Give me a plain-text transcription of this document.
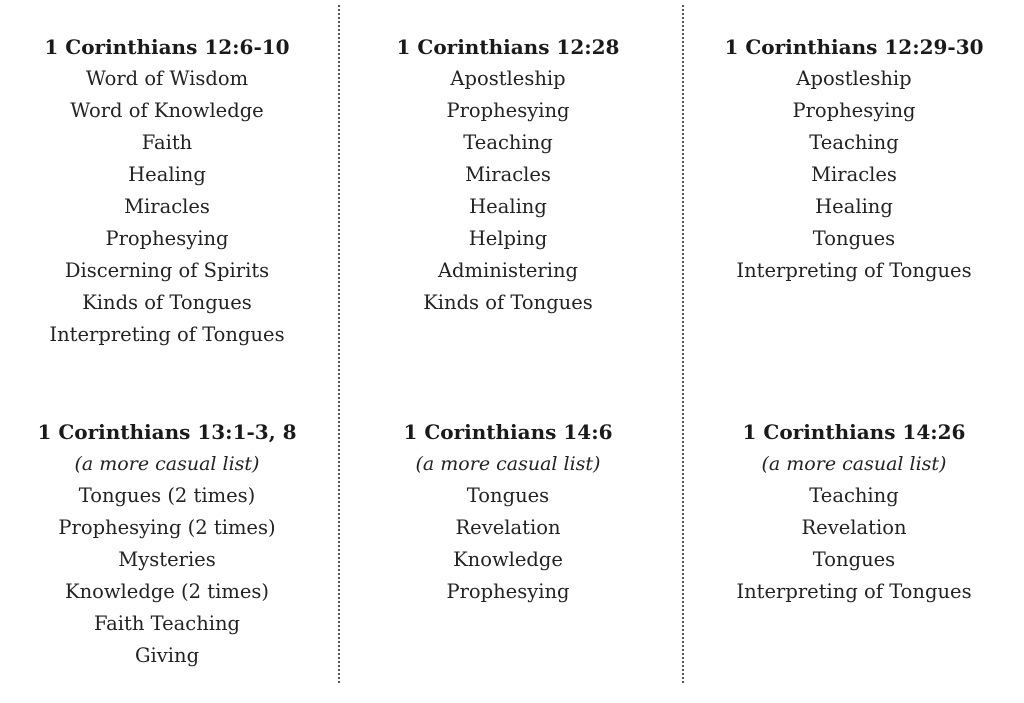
1 Corinthians 12:6-10
Word of Wisdom
Word of Knowledge
Faith
Healing
Miracles
Prophesying
Discerning of Spirits
Kinds of Tongues
Interpreting of Tongues
1 Corinthians 12:28
Apostleship
Prophesying
Teaching
Miracles
Healing
Helping
Administering
Kinds of Tongues
1 Corinthians 12:29-30
Apostleship
Prophesying
Teaching
Miracles
Healing
Tongues
Interpreting of Tongues
1 Corinthians 13:1-3, 8
(a more casual list)
Tongues (2 times)
Prophesying (2 times)
Mysteries
Knowledge (2 times)
Faith Teaching
Giving
1 Corinthians 14:6
(a more casual list)
Tongues
Revelation
Knowledge
Prophesying
1 Corinthians 14:26
(a more casual list)
Teaching
Revelation
Tongues
Interpreting of Tongues
